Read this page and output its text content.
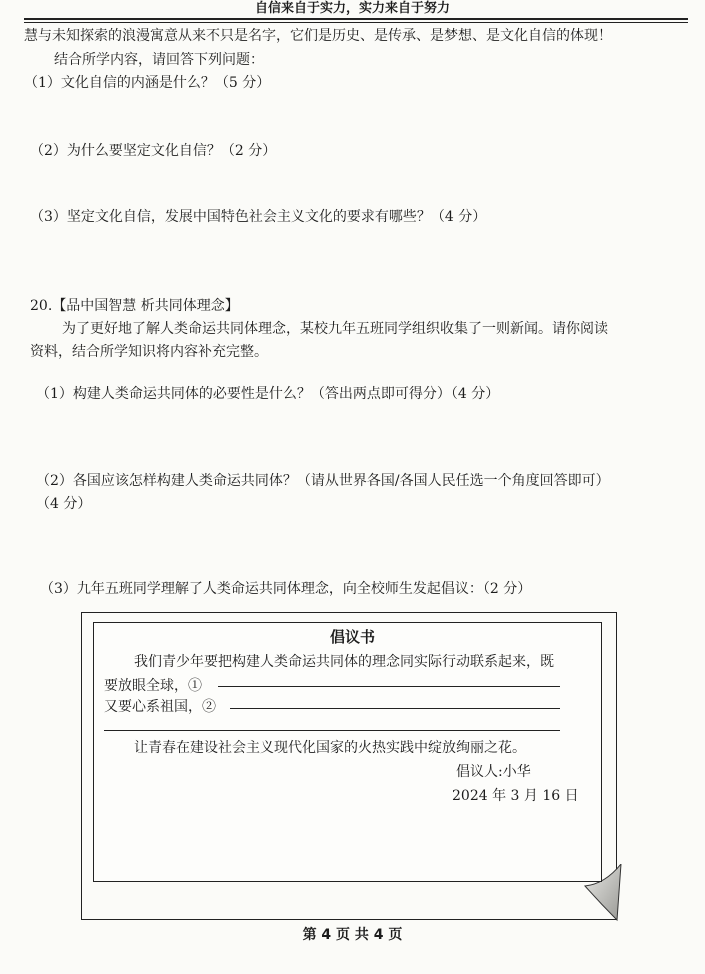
自信来自于实力，实力来自于努力
慧与未知探索的浪漫寓意从来不只是名字，它们是历史、是传承、是梦想、是文化自信的体现！
结合所学内容，请回答下列问题：
（1）文化自信的内涵是什么？（5 分）
（2）为什么要坚定文化自信？（2 分）
（3）坚定文化自信，发展中国特色社会主义文化的要求有哪些？（4 分）
20.【品中国智慧 析共同体理念】
为了更好地了解人类命运共同体理念，某校九年五班同学组织收集了一则新闻。请你阅读
资料，结合所学知识将内容补充完整。
（1）构建人类命运共同体的必要性是什么？（答出两点即可得分）（4 分）
（2）各国应该怎样构建人类命运共同体？（请从世界各国/各国人民任选一个角度回答即可）
（4 分）
（3）九年五班同学理解了人类命运共同体理念，向全校师生发起倡议：（2 分）
倡议书
我们青少年要把构建人类命运共同体的理念同实际行动联系起来，既
要放眼全球，①
又要心系祖国，②
让青春在建设社会主义现代化国家的火热实践中绽放绚丽之花。
倡议人:小华
2024 年 3 月 16 日
第 4 页 共 4 页
